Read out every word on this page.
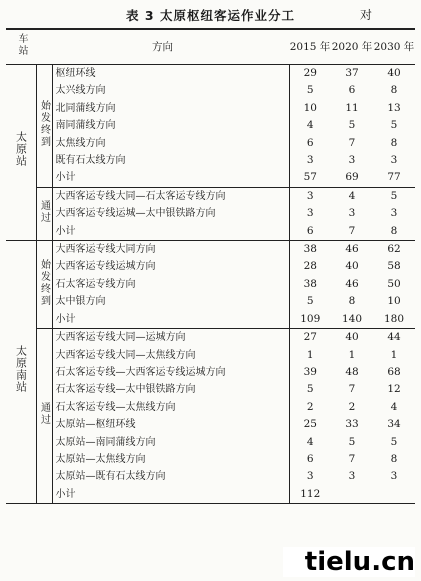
表 3 太原枢纽客运作业分工	对
车站	方向		2015 年	2020 年	2030 年
太原站	始发终到	枢纽环线	29	37	40
		太兴线方向	5	6	8
		北同蒲线方向	10	11	13
		南同蒲线方向	4	5	5
		太焦线方向	6	7	8
		既有石太线方向	3	3	3
		小计	57	69	77
	通过	大西客运专线大同—石太客运专线方向	3	4	5
		大西客运专线运城—太中银铁路方向	3	3	3
		小计	6	7	8
太原南站	始发终到	大西客运专线大同方向	38	46	62
		大西客运专线运城方向	28	40	58
		石太客运专线方向	38	46	50
		太中银方向	5	8	10
		小计	109	140	180
	通过	大西客运专线大同—运城方向	27	40	44
		大西客运专线大同—太焦线方向	1	1	1
		石太客运专线—大西客运专线运城方向	39	48	68
		石太客运专线—太中银铁路方向	5	7	12
		石太客运专线—太焦线方向	2	2	4
		太原站—枢纽环线	25	33	34
		太原站—南同蒲线方向	4	5	5
		太原站—太焦线方向	6	7	8
		太原站—既有石太线方向	3	3	3
		小计	112		
tielu.cn
